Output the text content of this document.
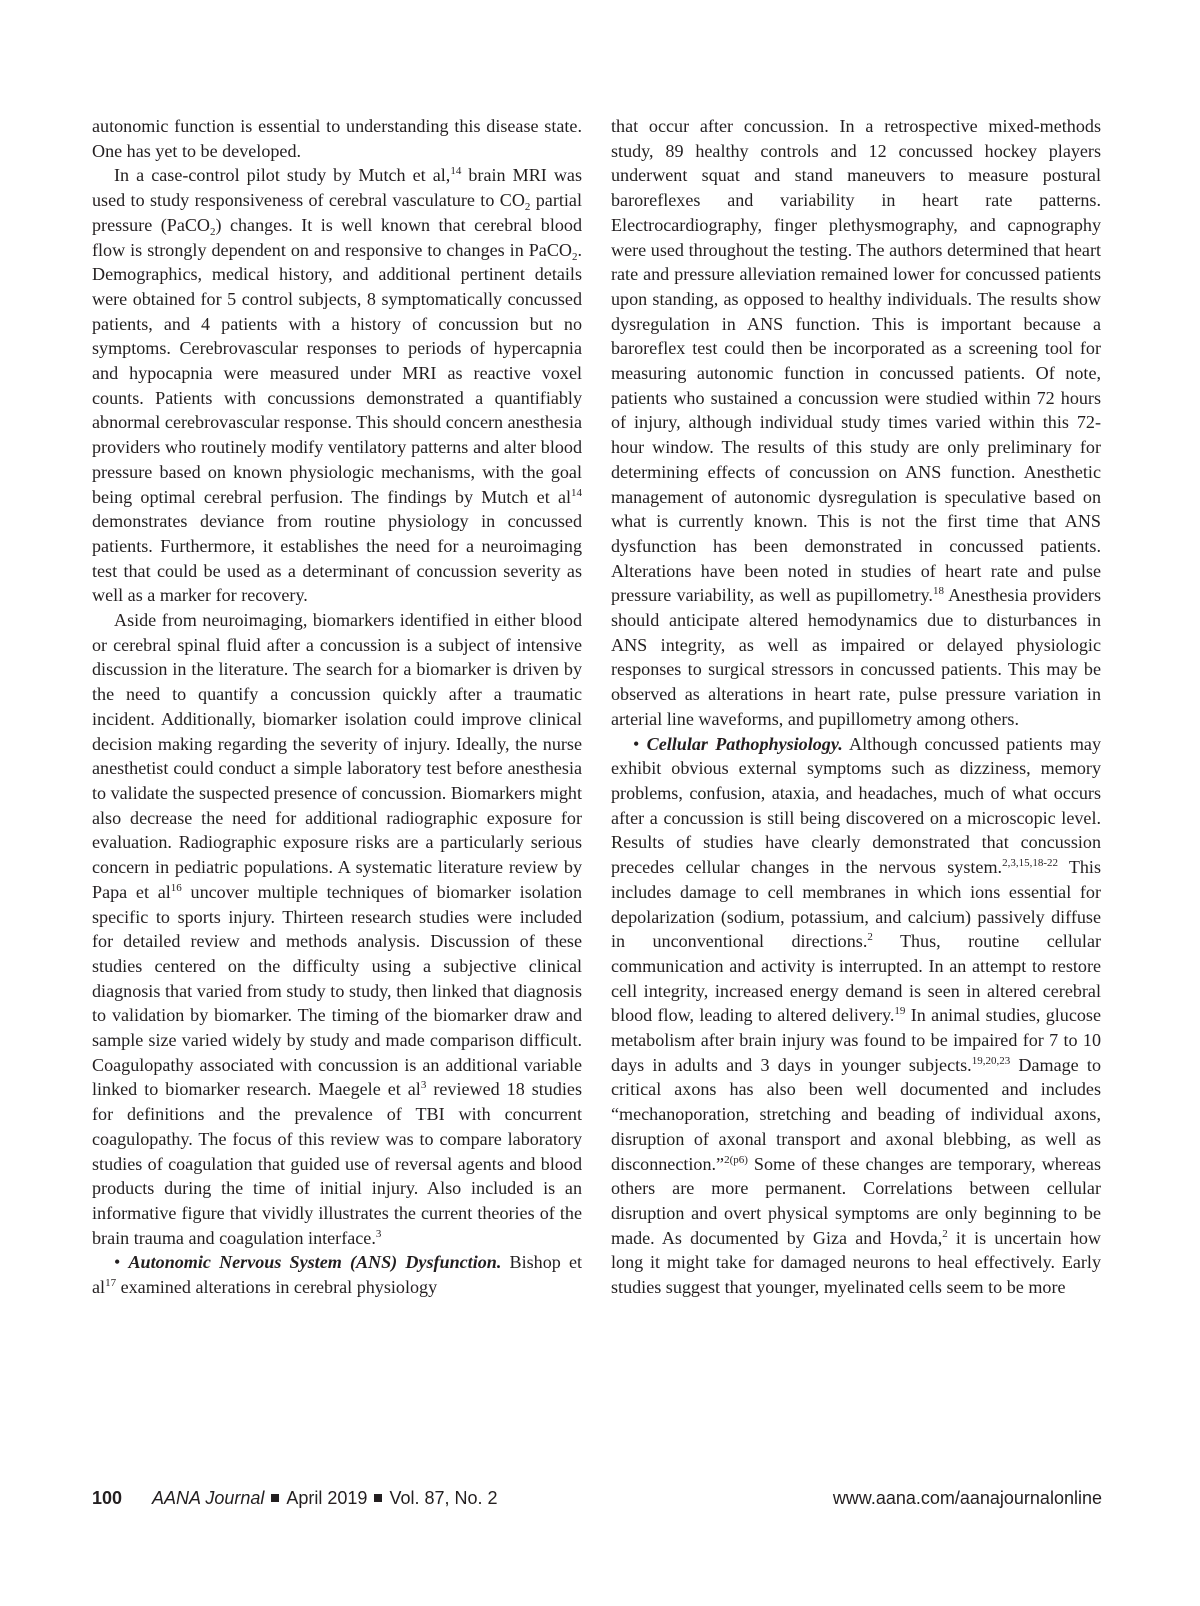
autonomic function is essential to understanding this disease state. One has yet to be developed.

In a case-control pilot study by Mutch et al,$^{14}$ brain MRI was used to study responsiveness of cerebral vasculature to $CO_2$ partial pressure (PaCO$_2$) changes. It is well known that cerebral blood flow is strongly dependent on and responsive to changes in PaCO$_2$. Demographics, medical history, and additional pertinent details were obtained for 5 control subjects, 8 symptomatically concussed patients, and 4 patients with a history of concussion but no symptoms. Cerebrovascular responses to periods of hypercapnia and hypocapnia were measured under MRI as reactive voxel counts. Patients with concussions demonstrated a quantifiably abnormal cerebrovascular response. This should concern anesthesia providers who routinely modify ventilatory patterns and alter blood pressure based on known physiologic mechanisms, with the goal being optimal cerebral perfusion. The findings by Mutch et $al^{14}$ demonstrates deviance from routine physiology in concussed patients. Furthermore, it establishes the need for a neuroimaging test that could be used as a determinant of concussion severity as well as a marker for recovery.

Aside from neuroimaging, biomarkers identified in either blood or cerebral spinal fluid after a concussion is a subject of intensive discussion in the literature. The search for a biomarker is driven by the need to quantify a concussion quickly after a traumatic incident. Additionally, biomarker isolation could improve clinical decision making regarding the severity of injury. Ideally, the nurse anesthetist could conduct a simple laboratory test before anesthesia to validate the suspected presence of concussion. Biomarkers might also decrease the need for additional radiographic exposure for evaluation. Radiographic exposure risks are a particularly serious concern in pediatric populations. A systematic literature review by Papa et $al^{16}$ uncover multiple techniques of biomarker isolation specific to sports injury. Thirteen research studies were included for detailed review and methods analysis. Discussion of these studies centered on the difficulty using a subjective clinical diagnosis that varied from study to study, then linked that diagnosis to validation by biomarker. The timing of the biomarker draw and sample size varied widely by study and made comparison difficult. Coagulopathy associated with concussion is an additional variable linked to biomarker research. Maegele et $al^3$ reviewed 18 studies for definitions and the prevalence of TBI with concurrent coagulopathy. The focus of this review was to compare laboratory studies of coagulation that guided use of reversal agents and blood products during the time of initial injury. Also included is an informative figure that vividly illustrates the current theories of the brain trauma and coagulation interface.$^3$

• Autonomic Nervous System (ANS) Dysfunction. Bishop et $al^{17}$ examined alterations in cerebral physiology

that occur after concussion. In a retrospective mixed-methods study, 89 healthy controls and 12 concussed hockey players underwent squat and stand maneuvers to measure postural baroreflexes and variability in heart rate patterns. Electrocardiography, finger plethysmography, and capnography were used throughout the testing. The authors determined that heart rate and pressure alleviation remained lower for concussed patients upon standing, as opposed to healthy individuals. The results show dysregulation in ANS function. This is important because a baroreflex test could then be incorporated as a screening tool for measuring autonomic function in concussed patients. Of note, patients who sustained a concussion were studied within 72 hours of injury, although individual study times varied within this 72-hour window. The results of this study are only preliminary for determining effects of concussion on ANS function. Anesthetic management of autonomic dysregulation is speculative based on what is currently known. This is not the first time that ANS dysfunction has been demonstrated in concussed patients. Alterations have been noted in studies of heart rate and pulse pressure variability, as well as pupillometry.$^{18}$ Anesthesia providers should anticipate altered hemodynamics due to disturbances in ANS integrity, as well as impaired or delayed physiologic responses to surgical stressors in concussed patients. This may be observed as alterations in heart rate, pulse pressure variation in arterial line waveforms, and pupillometry among others.

• Cellular Pathophysiology. Although concussed patients may exhibit obvious external symptoms such as dizziness, memory problems, confusion, ataxia, and headaches, much of what occurs after a concussion is still being discovered on a microscopic level. Results of studies have clearly demonstrated that concussion precedes cellular changes in the nervous system.$^{2,3,15,18-22}$ This includes damage to cell membranes in which ions essential for depolarization (sodium, potassium, and calcium) passively diffuse in unconventional directions.$^2$ Thus, routine cellular communication and activity is interrupted. In an attempt to restore cell integrity, increased energy demand is seen in altered cerebral blood flow, leading to altered delivery.$^{19}$ In animal studies, glucose metabolism after brain injury was found to be impaired for 7 to 10 days in adults and 3 days in younger subjects.$^{19,20,23}$ Damage to critical axons has also been well documented and includes “mechanoporation, stretching and beading of individual axons, disruption of axonal transport and axonal blebbing, as well as disconnection.”$^{2(p6)}$ Some of these changes are temporary, whereas others are more permanent. Correlations between cellular disruption and overt physical symptoms are only beginning to be made. As documented by Giza and Hovda,$^2$ it is uncertain how long it might take for damaged neurons to heal effectively. Early studies suggest that younger, myelinated cells seem to be more

100 AANA Journal April 2019 Vol. 87, No. 2	www.aana.com/aanajournalonline
